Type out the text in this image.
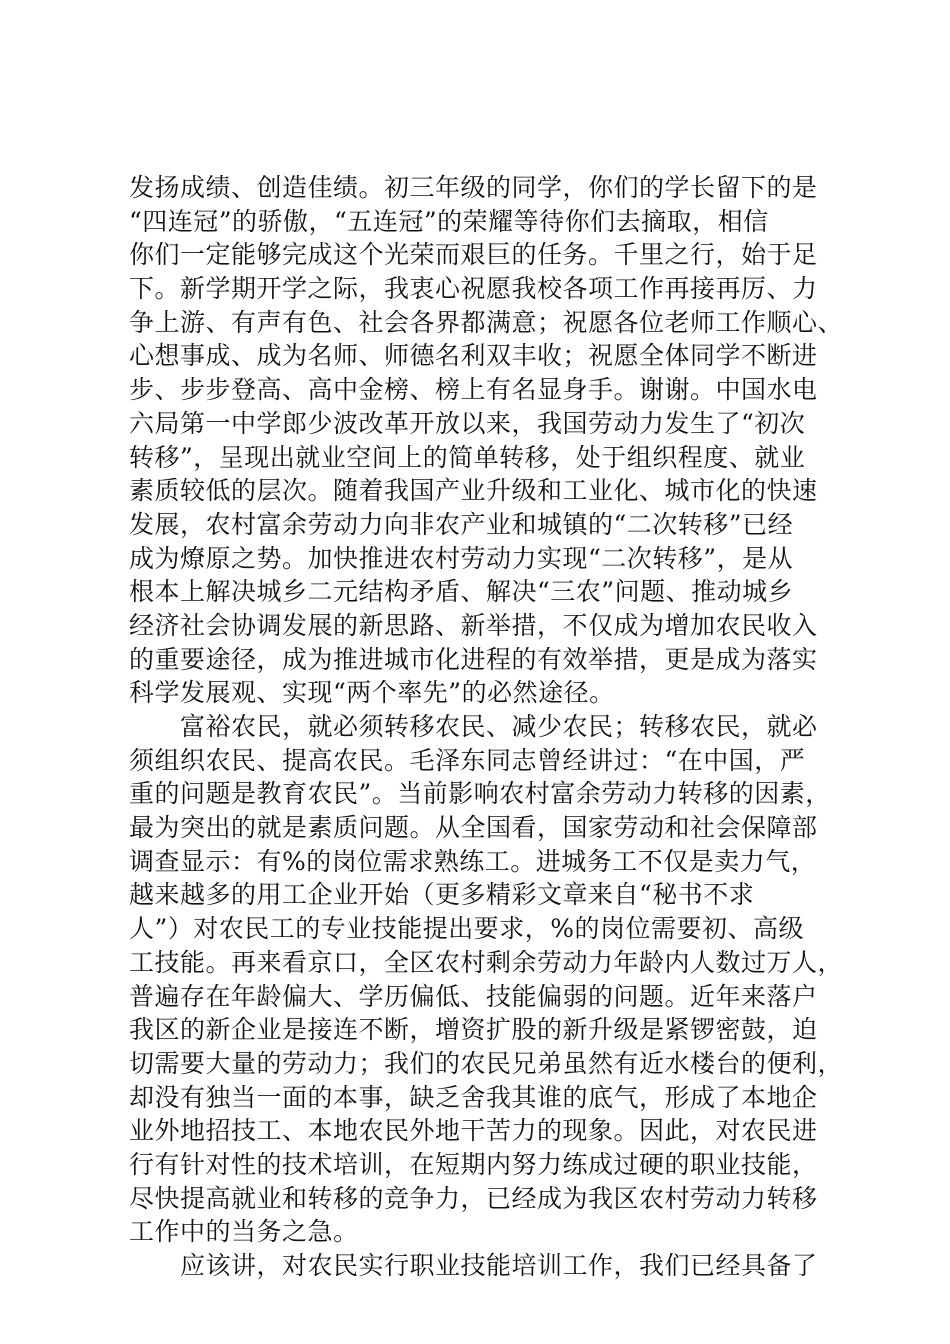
发扬成绩、创造佳绩。初三年级的同学，你们的学长留下的是
“四连冠”的骄傲，“五连冠”的荣耀等待你们去摘取，相信
你们一定能够完成这个光荣而艰巨的任务。千里之行，始于足
下。新学期开学之际，我衷心祝愿我校各项工作再接再厉、力
争上游、有声有色、社会各界都满意；祝愿各位老师工作顺心、
心想事成、成为名师、师德名利双丰收；祝愿全体同学不断进
步、步步登高、高中金榜、榜上有名显身手。谢谢。中国水电
六局第一中学郎少波改革开放以来，我国劳动力发生了“初次
转移”，呈现出就业空间上的简单转移，处于组织程度、就业
素质较低的层次。随着我国产业升级和工业化、城市化的快速
发展，农村富余劳动力向非农产业和城镇的“二次转移”已经
成为燎原之势。加快推进农村劳动力实现“二次转移”，是从
根本上解决城乡二元结构矛盾、解决“三农”问题、推动城乡
经济社会协调发展的新思路、新举措，不仅成为增加农民收入
的重要途径，成为推进城市化进程的有效举措，更是成为落实
科学发展观、实现“两个率先”的必然途径。
　　富裕农民，就必须转移农民、减少农民；转移农民，就必
须组织农民、提高农民。毛泽东同志曾经讲过：“在中国，严
重的问题是教育农民”。当前影响农村富余劳动力转移的因素，
最为突出的就是素质问题。从全国看，国家劳动和社会保障部
调查显示：有%的岗位需求熟练工。进城务工不仅是卖力气，
越来越多的用工企业开始（更多精彩文章来自“秘书不求
人”）对农民工的专业技能提出要求，%的岗位需要初、高级
工技能。再来看京口，全区农村剩余劳动力年龄内人数过万人，
普遍存在年龄偏大、学历偏低、技能偏弱的问题。近年来落户
我区的新企业是接连不断，增资扩股的新升级是紧锣密鼓，迫
切需要大量的劳动力；我们的农民兄弟虽然有近水楼台的便利，
却没有独当一面的本事，缺乏舍我其谁的底气，形成了本地企
业外地招技工、本地农民外地干苦力的现象。因此，对农民进
行有针对性的技术培训，在短期内努力练成过硬的职业技能，
尽快提高就业和转移的竞争力，已经成为我区农村劳动力转移
工作中的当务之急。
　　应该讲，对农民实行职业技能培训工作，我们已经具备了
